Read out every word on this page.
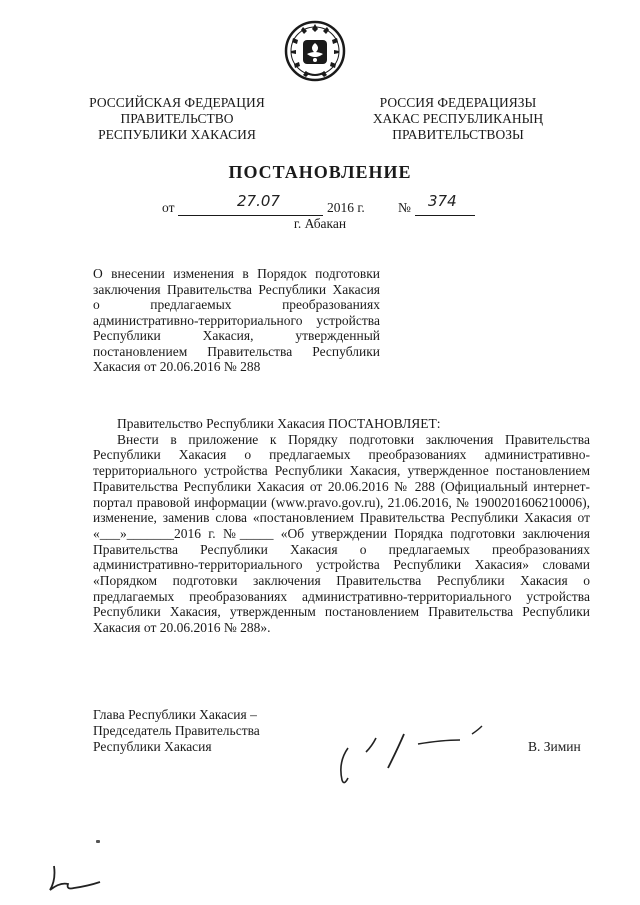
РОССИЙСКАЯ ФЕДЕРАЦИЯ
ПРАВИТЕЛЬСТВО
РЕСПУБЛИКИ ХАКАСИЯ
РОССИЯ ФЕДЕРАЦИЯЗЫ
ХАКАС РЕСПУБЛИКАНЫҢ
ПРАВИТЕЛЬСТВОЗЫ
ПОСТАНОВЛЕНИЕ
от	27.07	2016 г. № 374
г. Абакан
О внесении изменения в Порядок подготовки заключения Правительства Республики Хакасия о предлагаемых преобразованиях административно-территориального устройства Республики Хакасия, утвержденный постановлением Правительства Республики Хакасия от 20.06.2016 № 288

Правительство Республики Хакасия ПОСТАНОВЛЯЕТ:

Внести в приложение к Порядку подготовки заключения Правительства Республики Хакасия о предлагаемых преобразованиях административно-территориального устройства Республики Хакасия, утвержденное постановлением Правительства Республики Хакасия от 20.06.2016 № 288 (Официальный интернет-портал правовой информации (www.pravo.gov.ru), 21.06.2016, № 1900201606210006), изменение, заменив слова «постановлением Правительства Республики Хакасия от «___»_______2016 г. №_____ «Об утверждении Порядка подготовки заключения Правительства Республики Хакасия о предлагаемых преобразованиях административно-территориального устройства Республики Хакасия» словами «Порядком подготовки заключения Правительства Республики Хакасия о предлагаемых преобразованиях административно-территориального устройства Республики Хакасия, утвержденным постановлением Правительства Республики Хакасия от 20.06.2016 № 288».

Глава Республики Хакасия –
Председатель Правительства
Республики Хакасия	В. Зимин
